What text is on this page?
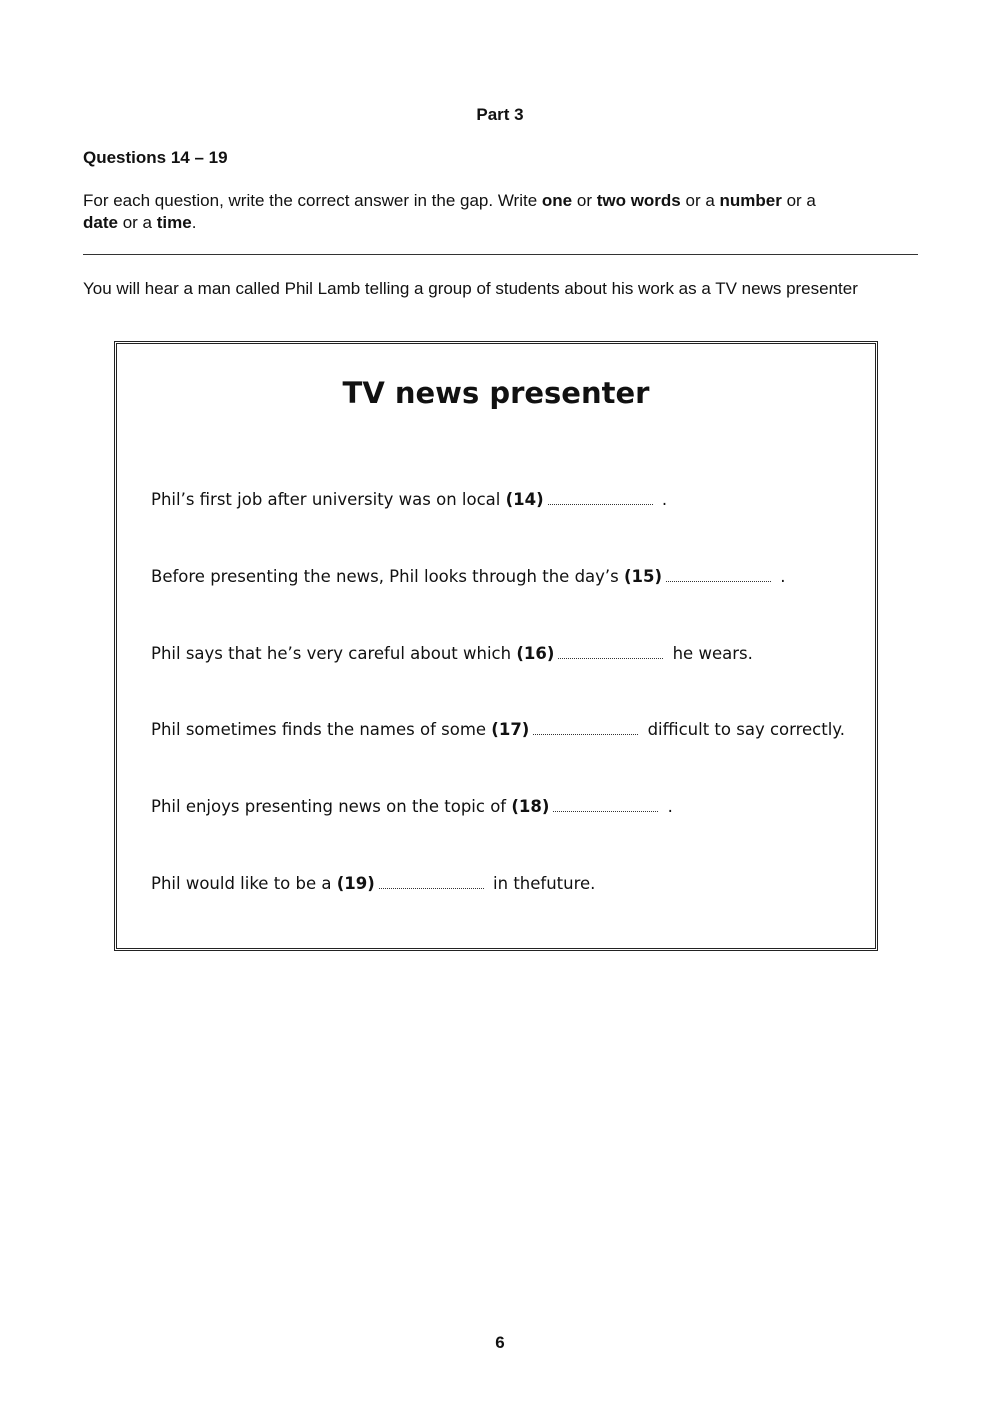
Part 3
Questions 14 – 19
For each question, write the correct answer in the gap. Write one or two words or a number or a
date or a time.
You will hear a man called Phil Lamb telling a group of students about his work as a TV news presenter
TV news presenter
Phil’s first job after university was on local (14)	.
Before presenting the news, Phil looks through the day’s (15)	.
Phil says that he’s very careful about which (16)	he wears.
Phil sometimes finds the names of some (17)	difficult to say correctly.
Phil enjoys presenting news on the topic of (18)	.
Phil would like to be a (19)	in thefuture.
6
